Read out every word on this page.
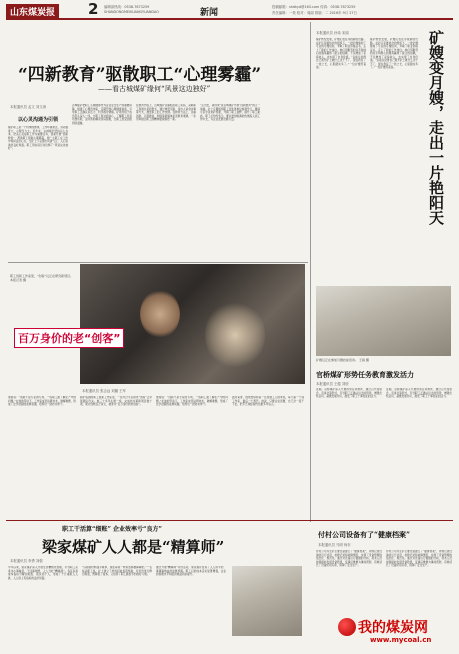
山东煤炭报 2 编辑部热线：0538-7873259
SHANDONGMEIKUANGYUANDAO	新闻
投稿邮箱：shdkyd@163.com 传真：0538-7873259
责任编辑：一枝 校对：周丽 排版：二 2016年 9月 27日
“四新教育”驱散职工“心理雾霾”
——看古城煤矿缘何“风景这边独好”
本报通讯员 孟文 刘文涛
以心灵沟通为引领
煤矿职工是一个特殊的群体，工作环境艰苦，劳动强度大，心理压力大。近年来，古城煤矿坚持以人为本，把关心关爱职工作为重要任务，创新开展“四新教育”，帮助职工驱散心理雾霾，使广大职工在工作中保持良好心态，全矿上下呈现出风清气正、人心思进的良好局面。职工用实际行动诠释了“风景这边独好”。
古城煤矿把职工心理健康作为企业安全生产的重要保障，组建了心理咨询室，定期开展心理健康讲座，引导职工正确认识压力、科学疏导情绪。矿领导班子成员带头深入一线，与职工面对面谈心，了解职工所思所想所盼，及时帮助解决实际困难，让职工感受到组织的温暖。
在教育内容上，古城煤矿注重贴近职工实际，采取职工喜闻乐见的形式，通过典型引路、身边人讲身边事等方式，激发职工的工作热情。在教育方法上，注重创新，运用微信、网络等新媒体拓宽教育渠道。一系列举措让职工的精神面貌焕然一新。
“走出去，请进来”是古城煤矿开展“四新教育”的又一举措。矿上定期组织职工到先进单位参观学习，邀请专家学者来矿授课，开阔了职工视野，提升了职工素质。职工们纷纷表示，要以更加饱满的热情投入到工作中去，为企业发展贡献力量。
职工创新工作室里，“创客”们正在研究新项目。 本报记者 摄
百万身价的老“创客”
本报通讯员 张志远 刘璐 王军
新矿集团的职工创新工作室里，一位年过半百的老“创客”正带领团队攻关。他三十多年扎根一线，完成技术革新项目数十项，累计创效百万余元，被誉为“百万身价的老创客”。
他常说：“创新不是专家的专利，一线职工最了解生产中的问题。”在他的带动下，工作室成员钻研技术、破解难题，形成了比学赶超的浓厚氛围，培养出一批技术骨干。
面对荣誉，他依然保持着一名普通工人的本色，每天第一个到工作室，最后一个离开。他说，只要企业需要，自己会一直干下去，把手艺和经验传给更多年轻人。
他常说：“创新不是专家的专利，一线职工最了解生产中的问题。”在他的带动下，工作室成员钻研技术、破解难题，形成了比学赶超的浓厚氛围，培养出一批技术骨干。
矿嫂变月嫂，走出一片艳阳天
本报通讯员 孙伟 宋丽
煤矿转型发展，矿嫂们也在寻找新的出路。在矿区家属协会的组织下，一批矿嫂参加了专业的月嫂培训，考取了职业资格证书，走上了新的工作岗位。她们用勤劳的双手和细心的服务赢得了雇主的信赖，不仅增加了家庭收入，也实现了自身价值。“以前总觉得自己离开矿上就什么也干不了，现在我有了一技之长，心里踏实多了。”一位矿嫂笑着说。
煤矿转型发展，矿嫂们也在寻找新的出路。在矿区家属协会的组织下，一批矿嫂参加了专业的月嫂培训，考取了职业资格证书，走上了新的工作岗位。她们用勤劳的双手和细心的服务赢得了雇主的信赖，不仅增加了家庭收入，也实现了自身价值。“以前总觉得自己离开矿上就什么也干不了，现在我有了一技之长，心里踏实多了。”一位矿嫂笑着说。
矿嫂们正在参加月嫂技能培训。 王娟 摄
官桥煤矿形势任务教育激发活力
本报通讯员 王健 刘欣
近期，官桥煤矿深入开展形势任务教育，通过召开座谈会、宣讲会等形式，引导职工正确认识当前形势，增强危机意识，凝聚发展共识，激发了职工干事创业的活力。
近期，官桥煤矿深入开展形势任务教育，通过召开座谈会、宣讲会等形式，引导职工正确认识当前形势，增强危机意识，凝聚发展共识，激发了职工干事创业的活力。
职工干活算“细账” 企业效率亏“良方”
梁家煤矿人人都是“精算师”
本报通讯员 李勇 刘强
今年以来，梁家煤矿深入开展全员精细化管理，引导职工从身边小事做起，干活算细账，人人当好“精算师”。各区队将成本指标分解到班组、落实到个人，形成了千斤重担人人挑、人人肩上有指标的良好局面。
“以前领材料随手就拿，现在每领一样东西都要算算账。”一名综采职工说。矿上建立了材料回收复用机制，对旧件进行修旧利废，既降低了成本，又培养了职工勤俭节约的好习惯。
通过开展“精算师”评选活动，梁家煤矿营造了人人讲节约、事事算效益的浓厚氛围。职工们的成本意识显著增强，企业的管理水平和经济效益同步提升。
付村公司设备有了“健康档案”
本报通讯员 马明 尚东
付村公司为全矿主要设备建立了“健康档案”，详细记录设备的运行状况、检修记录和故障情况，实现了设备管理的信息化、规范化。通过对设备运行数据的分析，技术人员能够提前发现设备隐患，变事后维修为事前预防，有效延长了设备使用寿命，保障了安全生产。
付村公司为全矿主要设备建立了“健康档案”，详细记录设备的运行状况、检修记录和故障情况，实现了设备管理的信息化、规范化。通过对设备运行数据的分析，技术人员能够提前发现设备隐患，变事后维修为事前预防，有效延长了设备使用寿命，保障了安全生产。
我的煤炭网
www.mycoal.cn
